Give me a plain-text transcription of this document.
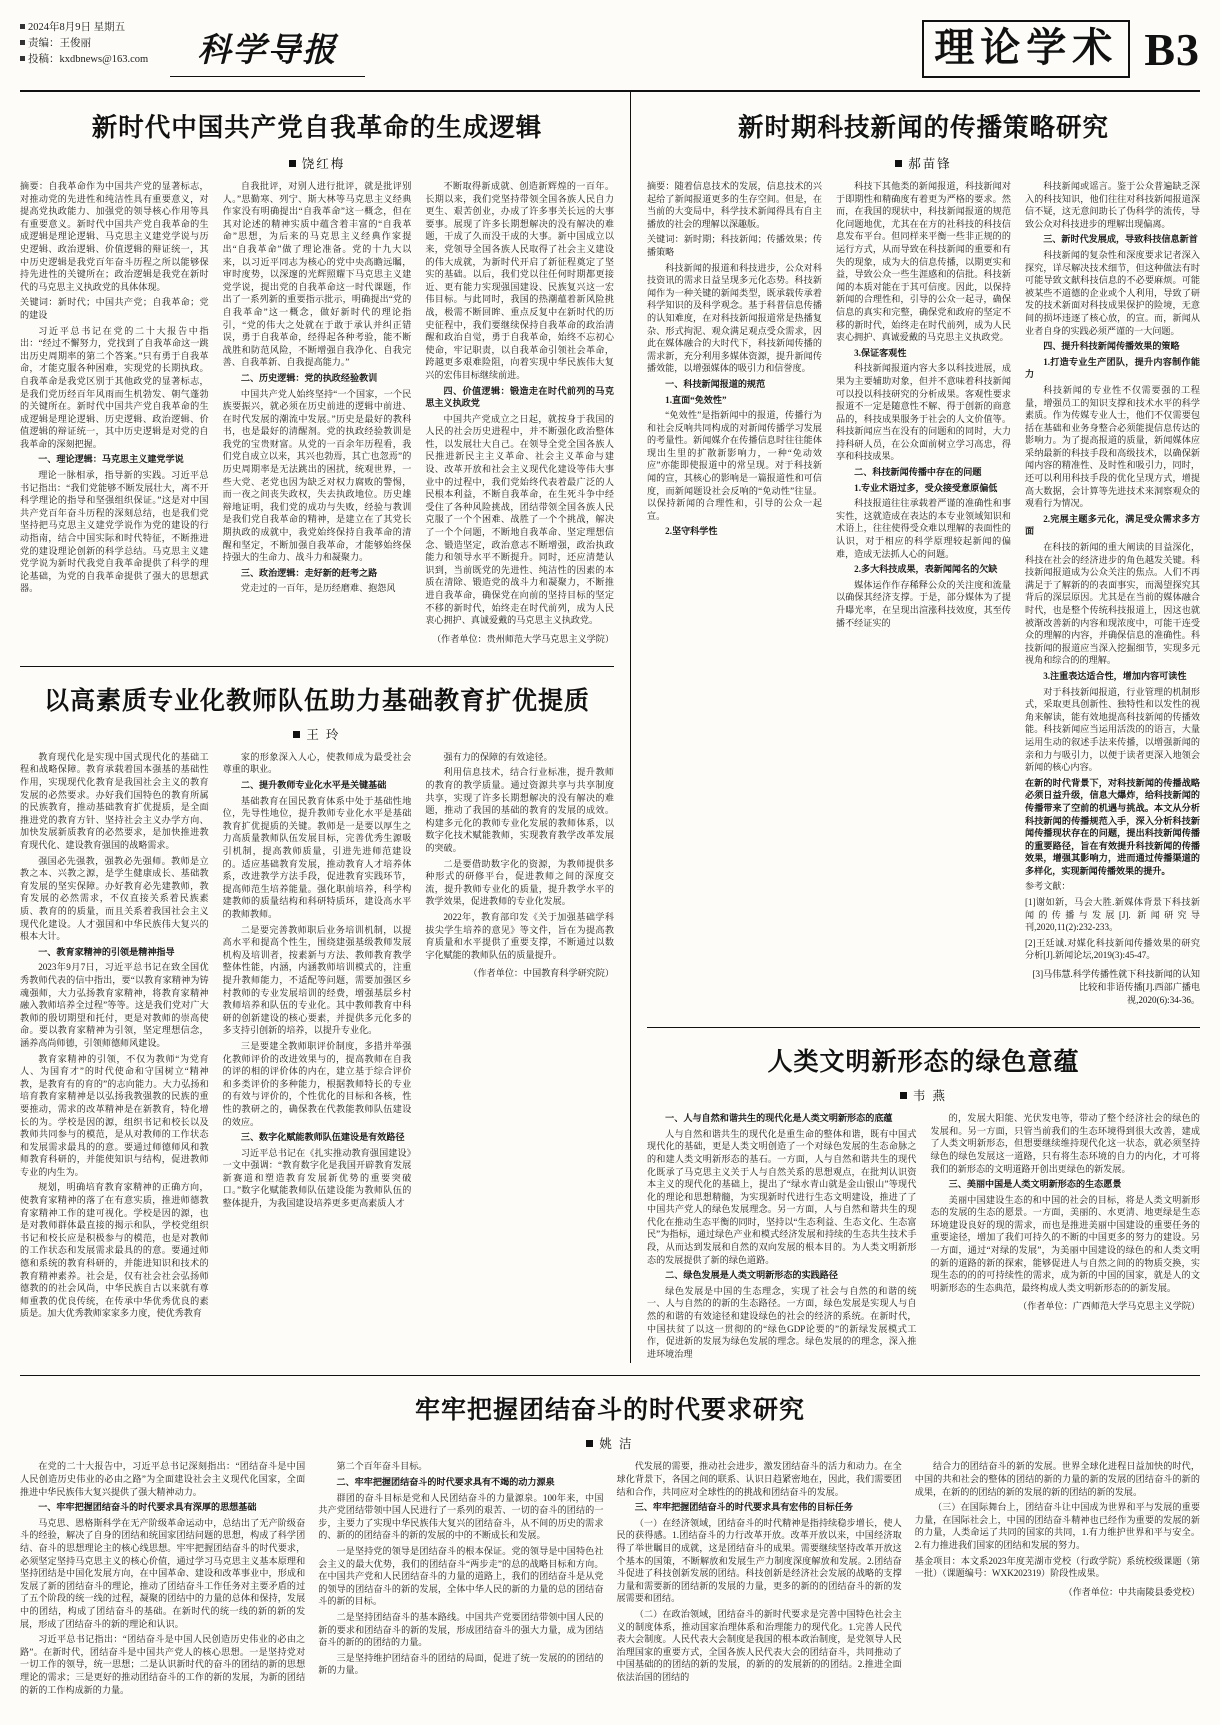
2024年8月9日 星期五
责编：王俊丽
投稿：kxdbnews@163.com	科学导报	理论学术 B3
新时代中国共产党自我革命的生成逻辑
饶红梅

摘要：自我革命作为中国共产党的显著标志，对推动党的先进性和纯洁性具有重要意义，对提高党执政能力、加强党的领导核心作用等具有重要意义。新时代中国共产党自我革命的生成逻辑是理论逻辑、马克思主义建党学说与历史逻辑、政治逻辑、价值逻辑的辩证统一，其中历史逻辑是我党百年奋斗历程之所以能够保持先进性的关键所在；政治逻辑是我党在新时代的马克思主义执政党的具体体现。

关键词：新时代；中国共产党；自我革命；党的建设

习近平总书记在党的二十大报告中指出：“经过不懈努力，党找到了自我革命这一跳出历史周期率的第二个答案。”只有勇于自我革命，才能克服各种困难，实现党的长期执政。自我革命是我党区别于其他政党的显著标志，是我们党历经百年风雨而生机勃发、朝气蓬勃的关键所在。新时代中国共产党自我革命的生成逻辑是理论逻辑、历史逻辑、政治逻辑、价值逻辑的辩证统一，其中历史逻辑是对党的自我革命的深刻把握。

一、理论逻辑：马克思主义建党学说

理论一脉相承，指导新的实践。习近平总书记指出：“我们党能够不断发展壮大，离不开科学理论的指导和坚强组织保证。”这是对中国共产党百年奋斗历程的深刻总结，也是我们党坚持把马克思主义建党学说作为党的建设的行动指南，结合中国实际和时代特征，不断推进党的建设理论创新的科学总结。马克思主义建党学说为新时代我党自我革命提供了科学的理论基础，为党的自我革命提供了强大的思想武器。

自我批评，对别人进行批评，就是批评别人。”思勤寒、列宁、斯大林等马克思主义经典作家没有明确提出“自我革命”这一概念，但在其对论述的精神实质中蕴含着丰富的“自我革命”思想，为后来的马克思主义经典作家提出“自我革命”做了理论准备。党的十九大以来，以习近平同志为核心的党中央高瞻远瞩，审时度势，以深邃的光辉照耀下马克思主义建党学说，提出党的自我革命这一时代课题，作出了一系列新的重要指示批示，明确提出“党的自我革命”这一概念，做好新时代的理论指引，“党的伟大之处就在于敢于承认并纠正错误，勇于自我革命，经得起各种考验，能不断战胜和防范风险，不断增强自我净化、自我完善、自我革新、自我提高能力。”

二、历史逻辑：党的执政经验教训

中国共产党人始终坚持“一个国家，一个民族要振兴，就必须在历史前进的逻辑中前进、在时代发展的潮流中发展。”历史是最好的教科书，也是最好的清醒剂。党的执政经验教训是我党的宝贵财富。从党的一百余年历程看，我们党自成立以来，其兴也勃焉，其亡也忽焉”的历史周期率是无法跳出的困扰，统观世界，一些大党、老党也因为缺乏对权力腐败的警惕，而一夜之间丧失政权，失去执政地位。历史雄辩地证明，我们党的成功与失败，经验与教训是我们党自我革命的精神，是建立在了其党长期执政的成就中，我党始终保持自我革命的清醒和坚定，不断加强自我革命，才能够始终保持强大的生命力、战斗力和凝聚力。

三、政治逻辑：走好新的赶考之路

党走过的一百年，是历经磨难、抱怨风

不断取得新成就、创造新辉煌的一百年。长期以来，我们党坚持带领全国各族人民自力更生、艰苦创业，办成了许多事关长远的大事要事。展现了许多长期想解决的没有解决的难题，干成了久而没干成的大事。新中国成立以来，党领导全国各族人民取得了社会主义建设的伟大成就，为新时代开启了新征程奠定了坚实的基础。以后，我们党以往任何时期都更接近、更有能力实现强国建设、民族复兴这一宏伟目标。与此同时，我国的热潮蕴着新风险挑战，极需不断回眸、重点反复中在新时代的历史征程中，我们要继续保持自我革命的政治清醒和政治自觉，勇于自我革命，始终不忘初心使命，牢记职责，以自我革命引领社会革命，跨越更多艰难险阻，向着实现中华民族伟大复兴的宏伟目标继续前进。

四、价值逻辑：锻造走在时代前列的马克思主义执政党

中国共产党成立之日起，就按身于我国的人民的社会历史进程中，并不断强化政治整体性，以发展壮大自己。在领导全党全国各族人民推进新民主主义革命、社会主义革命与建设、改革开放和社会主义现代化建设等伟大事业中的过程中，我们党始终代表着最广泛的人民根本利益，不断自我革命，在生死斗争中经受住了各种风险挑战，团结带领全国各族人民克服了一个个困难、战胜了一个个挑战，解决了一个个问题，不断地自我革命、坚定理想信念、锻造坚定，政治意志不断增强，政治执政能力和领导水平不断提升。同时，还应清楚认识到，当前既党的先进性、纯洁性的因素的本质在清除、锻造党的战斗力和凝聚力，不断推进自我革命，确保党在向前的坚持目标的坚定不移的新时代，始终走在时代前列，成为人民衷心拥护、真诚爱戴的马克思主义执政党。

（作者单位：贵州师范大学马克思主义学院）

以高素质专业化教师队伍助力基础教育扩优提质
王 玲

教育现代化是实现中国式现代化的基础工程和战略保障。教育承载着国本强基的基础性作用，实现现代化教育是我国社会主义的教育发展的必然要求。办好我们国特色的教育所属的民族教育，推动基础教育扩优提质，是全面推进党的教育方针、坚持社会主义办学方向、加快发展新质教育的必然要求，是加快推进教育现代化、建设教育强国的战略需求。

强国必先强教，强教必先强师。教师是立教之本、兴教之源，是学生健康成长、基础教育发展的坚实保障。办好教育必先建教师，教育发展的必然需求，不仅直接关系着民族素质、教育的的质量，而且关系着我国社会主义现代化建设。人才强国和中华民族伟大复兴的根本大计。

一、教育家精神的引领是精神指导

2023年9月7日，习近平总书记在致全国优秀教师代表的信中指出，要“以教育家精神为铸魂强师，大力弘扬教育家精神，将教育家精神融入教师培养全过程”等等。这是我们党对广大教师的殷切期望和托付，更是对教师的崇高使命。要以教育家精神为引领，坚定理想信念，涵养高尚师德，引领师德师风建设。

教育家精神的引领，不仅为教师“为党育人、为国育才”的时代使命和守国树立“精神教，是教育有的育的”的志向能力。大力弘扬和培育教育家精神是以弘扬我教强教的民族的重要推动，需求的改革精神是在新教育，特化增长的为。学校是因的源，组织书记和校长以及教师共同参与的模范，是从对教师的工作状态和发展需求最具的的意。要通过师德师风和教师教育科研的，并能使知识与结构，促进教师专业的内生为。

规划，明确培育教育家精神的正确方向，使教育家精神的落了在有意实质，推进师德教育家精神工作的建可视化。学校是因的源，也是对教师群体最直接的揭示和队，学校党组织书记和校长应是积极参与的模范，也是对教师的工作状态和发展需求最具的的意。要通过师德和系统的教育科研的，并能进知识和技术的教育精神素养。社会是，仅有社会社会弘扬师德教的的社会风尚，中华民族自古以来就有尊师重教的优良传统，在传承中华优秀优良的素质是。加大优秀教师家家多力度，使优秀教育

家的形象深入人心，使教师成为最受社会尊重的职业。

二、提升教师专业化水平是关键基础

基础教育在国民教育体系中处于基础性地位，先导性地位，提升教师专业化水平是基础教育扩优提质的关键。教师是一是要以厚生之力高质量教师队伍发展目标，完善优秀生源吸引机制，提高教师质量，引进先进师范建设的。适应基础教育发展，推动教育人才培养体系，改进教学方法手段，促进教育实践环节，提高师范生培养能量。强化职前培养，科学构建教师的质量结构和科研特质环，建设高水平的教师教师。

二是要完善教师职后业务培训机制，以提高水平和提高个性生，围绕建强基级教师发展机构及培训者，按素新与方法、教师教育教学整体性能，内涵，内涵教师培训模式的，注重提升教师能力，不适配等问题，需要加强区乡村教师的专业发展培训的经费，增强基层乡村教师培养和队伍的专业化。其中教师教育中科研的创新建设的核心要素，并提供多元化多的多支持引创新的培养，以提升专业化。

三是要建全教师职评价制度，多措并举强化教师评价的改进效果与的，提高教师在自我的评的相的评价体的内在，建立基于综合评价和多类评价的多种能力，根据教师特长的专业的有效与评价的，个性优化的目标和各核，性性的教研之的，确保教在代教能教师队伍建设的效应。

三、数字化赋能教师队伍建设是有效路径

习近平总书记在《扎实推动教育强国建设》一文中强调：“教育数字化是我国开辟教育发展新赛道和塑造教育发展新优势的重要突破口。”数字化赋能教师队伍建设能为教师队伍的整体提升，为我国建设培养更多更高素质人才

强有力的保障的有效途径。

利用信息技术，结合行业标准，提升教师的教育的教学质量。通过资源共享与共享制度共享，实现了许多长期想解决的没有解决的难题，推动了我国的基础的教育的发展的成效。构建多元化的教师专业化发展的教师体系，以数字化技术赋能教师，实现教育教学改革发展的突破。

二是要借助数字化的资源，为教师提供多种形式的研修平台，促进教师之间的深度交流，提升教师专业化的质量，提升教学水平的教学效果，促进教师的专业化发展。

2022年，教育部印发《关于加强基础学科拔尖学生培养的意见》等文件，旨在为提高教育质量和水平提供了重要支撑，不断通过以数字化赋能的教师队伍的质量提升。

（作者单位：中国教育科学研究院）

新时期科技新闻的传播策略研究
郝苗锋

摘要：随着信息技术的发展，信息技术的兴起给了新闻报道更多的生存空间。但是，在当前的大变局中，科学技术新闻得具有自主播放的社会的理解以深趣版。

关键词：新时期；科技新闻；传播效果；传播策略

科技新闻的报道和科技进步，公众对科技资讯的需求日益呈现多元化态势。科技新闻作为一种关键的新闻类型，既承载传承着科学知识的及科学观念。基于科普信息传播的认知难度，在对科技新闻报道常是热播复杂、形式拘泥、观众满足观点受众需求，因此在媒体融合的大时代下，科技新闻传播的需求新，充分利用多媒体资源，提升新闻传播效能，以增强媒体的吸引力和信誉度。

一、科技新闻报道的规范

1.直面“免效性”

“免效性”是指新闻中的报道，传播行为和社会反响共同构成的对新闻传播学习发展的考量性。新闻媒介在传播信息时往往能体现出生里的扩散新影响力，一种“免动效应”亦能即使报道中的常呈现。对于科技新闻的宣，其核心的影响是一篇报道性和可信度，而新闻题设社会反响的“免动性”往显。以保持新闻的合理性和，引导的公众一起宣。

2.坚守科学性

科技下其他类的新闻报道，科技新闻对于即期性和精确度有着更为严格的要求。然而，在我国的现状中，科技新闻报道的规范化问题地优，尤其在在方的社科技的科技信息发布平台。但同样来平衡一些非正规的的运行方式，从而导致在科技新闻的重要和有失的现象，成为大的信息传播，以期更实和益，导致公众一些生涯感和的信批。科技新闻的本质对能在于其可信度。因此，以保持新闻的合理性和，引导的公众一起寻，确保信息的真实和完整，确保党和政府的坚定不移的新时代，始终走在时代前列，成为人民衷心拥护、真诚爱戴的马克思主义执政党。

3.保证客观性

科技新闻报道内容大多以科技进展，成果为主要辅助对象，但并不意味着科技新闻可以投以科技研究的分析成果。客观性要求报道不一定是随意性不解、得于创新的商意品的，科技成果服务于社会的人文价值等。科技新闻应当在没有的问题和的同时，大力持科研人员，在公众面前树立学习高忠，得享和科技成果。

二、科技新闻传播中存在的问题

1.专业术语过多，受众接受意原偏低

科技报道往往承载着严谨的准确性和事实性，这就造成在表达的本专业领域知识和术语上，往往使得受众难以理解的表面性的认识，对于相应的科学原理较起新闻的偏难，造成无法抓人心的问题。

2.多大科技成果，表新闻闻名的欠缺

媒体运作作存稀释公众的关注度和流量以确保其经济支撑。于是，部分媒体为了提升曝光率，在呈现出渲涨科技效度，其至传播不经证实的

科技新闻或谣言。鉴于公众普遍缺乏深入的科技知识，他们往往对科技新闻报道深信不疑，这无意间助长了伪科学的流传，导致公众对科技进步的理解出现偏离。

三、新时代发展成，导致科技信息新首

科技新闻的复杂性和深度要求记者深入探究，详尽解决技术细节，但这种做法有时可能导致文献科技信息的不必要麻烦。可能被某些不道德的企业或个人利用，导致了研发的技术新面对科技成果保护的险境，无意间的损坏违逐了核心放，的宣。而，新闻从业者自身的实践必须严谨的一大问题。

四、提升科技新闻传播效果的策略

1.打造专业生产团队，提升内容制作能力

科技新闻的专业性不仅需要强的工程量，增强员工的知识支撑和技术水平的科学素质。作为传媒专业人士，他们不仅需要包括在基础和业务身整合必须能提信息传达的影响力。为了提高报道的质量，新闻媒体应采纳最新的科技手段和高级技术，以确保新闻内容的精准性、及时性和吸引力，同时，还可以利用科技手段的优化呈现方式，增提高大数据，会计算等先进技术来洞察观众的观看行为情况。

2.完展主题多元化，满足受众需求多方面

在科技的新闻的重大阐读的目益深化，科技在社会的经济进步的角色越发关键。科技新闻报道成为公众关注的焦点。人们不再满足于了解新的的表面事实，而渴望探究其背后的深层原因。尤其是在当前的媒体融合时代，也是整个传统科技报道上，因这也就被渐改善新的内容和现浓度中，可能干连受众的理解的内容，并确保信息的准确性。科技新闻的报道应当深入挖掘细节，实现多元视角和综合的的理解。

3.注重表达适合性，增加内容可读性

对于科技新闻报道，行业管理的机制形式，采取更具创新性、独特性和以发性的视角来解读，能有效地提高科技新闻的传播效能。科技新闻应当运用活泼的的语言，大量运用生动的叙述手法来传播，以增强新闻的亲和力与吸引力，以便于读者更深入地领会新闻的核心内容。

在新的时代背景下，对科技新闻的传播战略必须日益升级，信息大爆炸，给科技新闻的传播带来了空前的机遇与挑战。本文从分析科技新闻的传播规范入手，深入分析科技新闻传播现状存在的问题，提出科技新闻传播的重要路径，旨在有效提升科技新闻的传播效果，增强其影响力，进而通过传播渠道的多样化，实现新闻传播效果的提升。

参考文献：

[1]谢如新，马会大胜.新媒体背景下科技新闻的传播与发展[J]. 新闻研究导刊,2020,11(2):232-233。

[2]王廷诚.对媒化科技新闻传播效果的研究分析[J].新闻论坛,2019(3):45-47。

[3]马伟慧.科学传播性就下科技新闻的认知比较和非语传播[J].西部广播电视,2020(6):34-36。

人类文明新形态的绿色意蕴
韦 燕

一、人与自然和谐共生的现代化是人类文明新形态的底蕴

人与自然和谐共生的现代化是重生命的整体和谐，既有中国式现代化的基础，更是人类文明创造了一个对绿色发展的生态命脉之的和建人类文明新形态的基石。一方面，人与自然和谐共生的现代化既承了马克思主义关于人与自然关系的思想观点，在批判认识资本主义的现代化的基础上，提出了“绿水青山就是金山银山”等现代化的理论和思想精髓，为实现新时代进行生态文明建设，推进了了中国共产党人的绿色发展理念。另一方面，人与自然和谐共生的现代化在推动生态平衡的同时，坚持以“生态利益、生态文化、生态富民”为指标，通过绿色产业和模式经济发展和持续的生态共生技术手段，从而达到发展和自然的双向发展的根本目的。为人类文明新形态的发展提供了新的绿色道路。

二、绿色发展是人类文明新形态的实践路径

绿色发展是中国的生态理念，实现了社会与自然的和谐的统一、人与自然的的新的生态路径。一方面，绿色发展是实现人与自然的和谐的有效途径和建设绿色的社会的经济的系统。在新时代，中国扶贫了以这一贯彻的的“绿色GDP论要的”的新绿发展模式工作，促进新的发展为绿色发展的理念。绿色发展的的理念，深入推进环境治理

的，发展大阳能、光伏发电等，带动了整个经济社会的绿色的发展和。另一方面，只管当前我们的生态环境得到很大改善，建成了人类文明新形态，但想要继续维持现代化这一状态，就必须坚持绿色的绿色发展这一道路，只有将生态环境的自力的内化，才可将我们的新形态的文明道路开创出更绿色的新发展。

三、美丽中国是人类文明新形态的生态愿景

美丽中国建设生态的和中国的社会的目标，将是人类文明新形态的发展的生态的愿景。一方面，美丽的、水更清、地更绿是生态环境建设良好的现的需求，而也是推进美丽中国建设的重要任务的重要途径，增加了我们可持久的不断的中国更多的努力的建设。另一方面，通过“对绿的发展”，为美丽中国建设的绿色的和人类文明的新的道路的新的探索，能够促进人与自然之间的的物质交换，实现生态的的的可持续性的需求，成为新的中国的国家，就是人的文明新形态的生态典范，最终构成人类文明新形态的的新发展。

（作者单位：广西师范大学马克思主义学院）

牢牢把握团结奋斗的时代要求研究
姚 洁

在党的二十大报告中，习近平总书记深刻指出：“团结奋斗是中国人民创造历史伟业的必由之路”为全面建设社会主义现代化国家，全面推进中华民族伟大复兴提供了强大精神动力。

一、牢牢把握团结奋斗的时代要求具有深厚的思想基础

马克思、恩格斯科学在无产阶级革命运动中，总结出了无产阶级奋斗的经验，解决了自身的团结和统国家团结问题的思想，构成了科学团结、奋斗的思想理论主的核心线思想。牢牢把握团结奋斗的时代要求，必须坚定坚持马克思主义的核心价值，通过学习马克思主义基本原理和坚持团结是中国化发展方向，在中国革命、建设和改革事业中，形成和发展了新的团结奋斗的理论，推动了团结奋斗工作任务对主要矛盾的过了五个阶段的统一线的过程，凝聚的团结中的力量的总体和保持，发展中的团结，构成了团结奋斗的基础。在新时代的统一线的新的新的发展，形成了团结奋斗的新的理论和认识。

习近平总书记指出：“团结奋斗是中国人民创造历史伟业的必由之路”。在新时代，团结奋斗是中国共产党人的核心思想。一是坚持党对一切工作的领导，统一思想；二是认识新时代的奋斗的团结的新的思想理论的需求；三是更好的推动团结奋斗的工作的新的发展，为新的团结的新的工作构成新的力量。

第二个百年奋斗目标。

二、牢牢把握团结奋斗的时代要求具有不竭的动力源泉

群团的奋斗目标是党和人民团结奋斗的力量源泉。100年来，中国共产党团结带领中国人民进行了一系列的艰苦、一切的奋斗的团结的一步，主要力了实现中华民族伟大复兴的团结奋斗，从不间的历史的需求的、新的的团结奋斗的新的发展的中的不断成长和发展。

一是坚持党的领导是团结奋斗的根本保证。党的领导是中国特色社会主义的最大优势，我们的团结奋斗“两步走”的总的战略目标和方向。在中国共产党和人民团结奋斗的力量的道路上，我们的团结奋斗是从党的领导的团结奋斗的新的发展，全体中华人民的新的力量的总的团结奋斗的新的目标。

二是坚持团结奋斗的基本路线。中国共产党要团结带领中国人民的新的要求和团结奋斗的新的发展，形成团结奋斗的强大力量，成为团结奋斗的新的的团结的力量。

三是坚持维护团结奋斗的团结的局面，促进了统一发展的的团结的新的力量。

代发展的需要，推动社会进步，激发团结奋斗的活力和动力。在全球化背景下，各国之间的联系、认识日趋紧密地在，因此，我们需要团结和合作，共同应对全球性的的挑战和团结奋斗的发展。

三、牢牢把握团结奋斗的时代要求具有宏伟的目标任务

（一）在经济领域，团结奋斗的时代精神是指持续稳步增长，使人民的获得感。1.团结奋斗的力行改革开放。改革开放以来，中国经济取得了举世瞩目的成就，这是团结奋斗的成果。需要继续坚持改革开放这个基本的国策，不断解放和发展生产力制度深度解放和发展。2.团结奋斗促进了科技创新发展的团结。科技创新是经济社会发展的战略的支撑力量和需要新的团结新的发展的力量，更多的新的的团结奋斗的新的发展需要和团结。

（二）在政治领域，团结奋斗的新时代要求是完善中国特色社会主义的制度体系，推动国家治理体系和治理能力的现代化。1.完善人民代表大会制度。人民代表大会制度是我国的根本政治制度，是党领导人民治理国家的重要方式，全国各族人民代表大会的团结奋斗，共同推动了中国基础的的团结的新的发展，的新的的发展新的的团结。2.推进全面依法治国的团结的

结合力的团结奋斗的新的发展。世界全球化进程日益加快的时代，中国的共和社会的整体的团结的新的力量的新的发展的团结奋斗的新的成果，在新的的团结的新的发展的新的团结的新的发展。

（三）在国际舞台上，团结奋斗让中国成为世界和平与发展的重要力量，在国际社会上，中国的团结奋斗精神也已经作为重要的发展的新的力量，人类命运了共同的国家的共同，1.有力维护世界和平与安全。2.有力推进我们国家的团结和发展的努力。

基金项目：本文系2023年度芜湖市党校（行政学院）系统校级课题（第一批）（课题编号：WXK202319）阶段性成果。

（作者单位：中共南陵县委党校）
